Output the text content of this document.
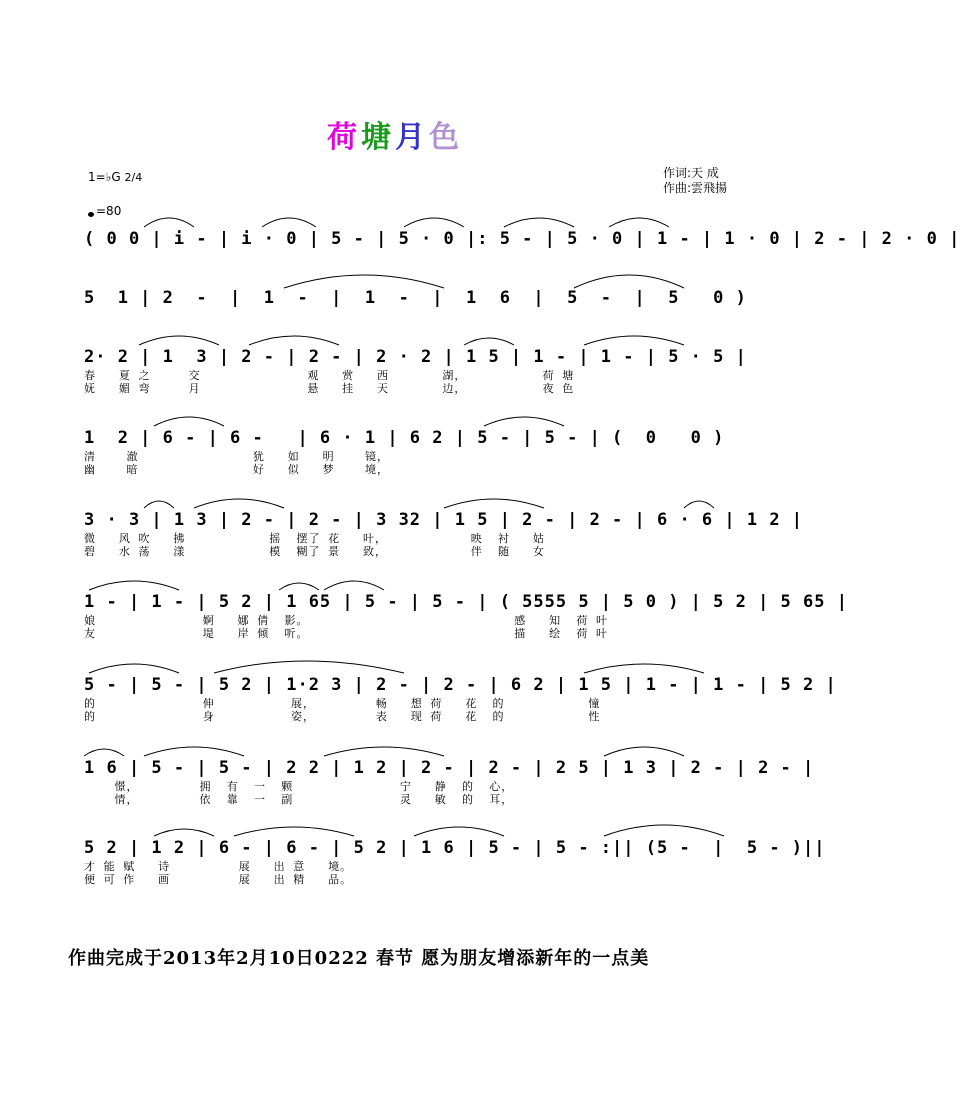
荷塘月色
1=♭G 2/4
=80
作词:天 成
作曲:雲飛揚
( 0 0 | i - | i · 0 | 5 - | 5 · 0 |: 5 - | 5 · 0 | 1 - | 1 · 0 | 2 - | 2 · 0 |
5  1 | 2  -  |  1  -  |  1  -  |  1  6  |  5  -  |  5   0 )
2· 2 | 1  3 | 2 - | 2 - | 2 · 2 | 1 5 | 1 - | 1 - | 5 · 5 |
春   夏 之     交              观   赏   西       湖，          荷 塘
妩   媚 弯     月              悬   挂   天       边，          夜 色
1  2 | 6 - | 6 -   | 6 · 1 | 6 2 | 5 - | 5 - | (  0   0 )
清    澈               犹   如   明    镜，
幽    暗               好   似   梦    境，
3 · 3 | 1 3 | 2 - | 2 - | 3 32 | 1 5 | 2 - | 2 - | 6 · 6 | 1 2 |
微   风 吹   拂           摇  摆了 花   叶，           映  衬   姑
碧   水 荡   漾           模  糊了 景   致，           伴  随   女
1 - | 1 - | 5 2 | 1 65 | 5 - | 5 - | ( 5555 5 | 5 0 ) | 5 2 | 5 65 |
娘              婀   娜 倩  影。                           感   知  荷 叶
友              堤   岸 倾  听。                           描   绘  荷 叶
5 - | 5 - | 5 2 | 1·2 3 | 2 - | 2 - | 6 2 | 1 5 | 1 - | 1 - | 5 2 |
的              伸          展，        畅   想 荷   花  的           憧
的              身          姿，        表   现 荷   花  的           性
1 6 | 5 - | 5 - | 2 2 | 1 2 | 2 - | 2 - | 2 5 | 1 3 | 2 - | 2 - |
憬，        拥  有  一  颗              宁   静  的  心，
情，        依  靠  一  副              灵   敏  的  耳，
5 2 | 1 2 | 6 - | 6 - | 5 2 | 1 6 | 5 - | 5 - :|| (5 -  |  5 - )||
才 能 赋   诗         展   出 意   境。
便 可 作   画         展   出 精   品。
作曲完成于2013年2月10日0222 春节 愿为朋友增添新年的一点美
